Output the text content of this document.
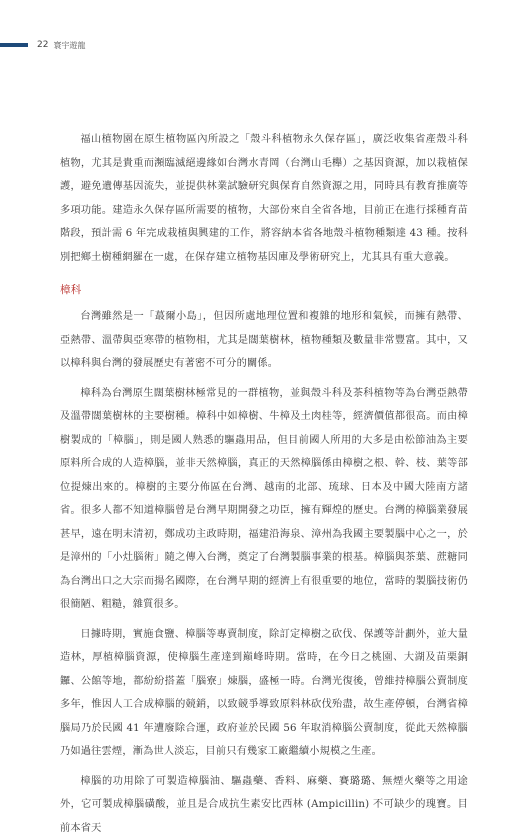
22 寰宇遊龍

福山植物園在原生植物區內所設之「殼斗科植物永久保存區」，廣泛收集省產殼斗科植物，尤其是貴重而瀕臨滅絕邊緣如台灣水青岡（台灣山毛櫸）之基因資源，加以栽植保護，避免遺傳基因流失，並提供林業試驗研究與保育自然資源之用，同時具有教育推廣等多項功能。建造永久保存區所需要的植物，大部份來自全省各地，目前正在進行採種育苗階段，預計需 6 年完成栽植與興建的工作，將容納本省各地殼斗植物種類達 43 種。按科別把鄉土樹種網羅在一處，在保存建立植物基因庫及學術研究上，尤其具有重大意義。

樟科

台灣雖然是一「蕞爾小島」，但因所處地理位置和複雜的地形和氣候，而擁有熱帶、亞熱帶、溫帶與亞寒帶的植物相，尤其是闊葉樹林，植物種類及數量非常豐富。其中，又以樟科與台灣的發展歷史有著密不可分的關係。

樟科為台灣原生闊葉樹林極常見的一群植物，並與殼斗科及茶科植物等為台灣亞熱帶及溫帶闊葉樹林的主要樹種。樟科中如樟樹、牛樟及土肉桂等，經濟價值都很高。而由樟樹製成的「樟腦」，則是國人熟悉的驅蟲用品，但目前國人所用的大多是由松節油為主要原料所合成的人造樟腦，並非天然樟腦，真正的天然樟腦係由樟樹之根、幹、枝、葉等部位提煉出來的。樟樹的主要分佈區在台灣、越南的北部、琉球、日本及中國大陸南方諸省。很多人都不知道樟腦曾是台灣早期開發之功臣，擁有輝煌的歷史。台灣的樟腦業發展甚早，遠在明末清初，鄭成功主政時期，福建沿海泉、漳州為我國主要製腦中心之一，於是漳州的「小灶腦術」隨之傳入台灣，奠定了台灣製腦事業的根基。樟腦與茶葉、蔗糖同為台灣出口之大宗而揚名國際，在台灣早期的經濟上有很重要的地位，當時的製腦技術仍很簡陋、粗糙，雜質很多。

日據時期，實施食鹽、樟腦等專賣制度，除訂定樟樹之砍伐、保護等計劃外，並大量造林，厚植樟腦資源，使樟腦生產達到巔峰時期。當時，在今日之桃園、大湖及苗栗銅鑼、公館等地，都紛紛搭蓋「腦寮」煉腦，盛極一時。台灣光復後，曾維持樟腦公賣制度多年，惟因人工合成樟腦的競銷，以致競爭導致原料林砍伐殆盡，故生產停頓，台灣省樟腦局乃於民國 41 年遭廢除合運，政府並於民國 56 年取消樟腦公賣制度，從此天然樟腦乃如過往雲煙，漸為世人淡忘，目前只有幾家工廠繼續小規模之生產。

樟腦的功用除了可製造樟腦油、驅蟲藥、香料、麻藥、賽璐璐、無煙火藥等之用途外，它可製成樟腦磺酸，並且是合成抗生素安比西林 (Ampicillin) 不可缺少的瑰寶。目前本省天
